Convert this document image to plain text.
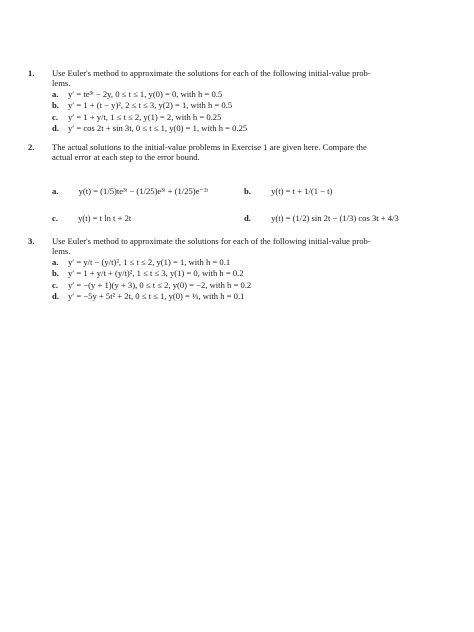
1. Use Euler's method to approximate the solutions for each of the following initial-value prob-
lems.
a.	y′ = te³ᵗ − 2y, 0 ≤ t ≤ 1, y(0) = 0, with h = 0.5
b.	y′ = 1 + (t − y)², 2 ≤ t ≤ 3, y(2) = 1, with h = 0.5
c.	y′ = 1 + y/t, 1 ≤ t ≤ 2, y(1) = 2, with h = 0.25
d.	y′ = cos 2t + sin 3t, 0 ≤ t ≤ 1, y(0) = 1, with h = 0.25
2. The actual solutions to the initial-value problems in Exercise 1 are given here. Compare the
actual error at each step to the error bound.
a. y(t) = (1/5)te³ᵗ − (1/25)e³ᵗ + (1/25)e⁻²ᵗ	b. y(t) = t + 1/(1 − t)
c. y(t) = t ln t + 2t	d. y(t) = (1/2) sin 2t − (1/3) cos 3t + 4/3
3. Use Euler's method to approximate the solutions for each of the following initial-value prob-
lems.
a.	y′ = y/t − (y/t)², 1 ≤ t ≤ 2, y(1) = 1, with h = 0.1
b.	y′ = 1 + y/t + (y/t)², 1 ≤ t ≤ 3, y(1) = 0, with h = 0.2
c.	y′ = −(y + 1)(y + 3), 0 ≤ t ≤ 2, y(0) = −2, with h = 0.2
d.	y′ = −5y + 5t² + 2t, 0 ≤ t ≤ 1, y(0) = ⅓, with h = 0.1
